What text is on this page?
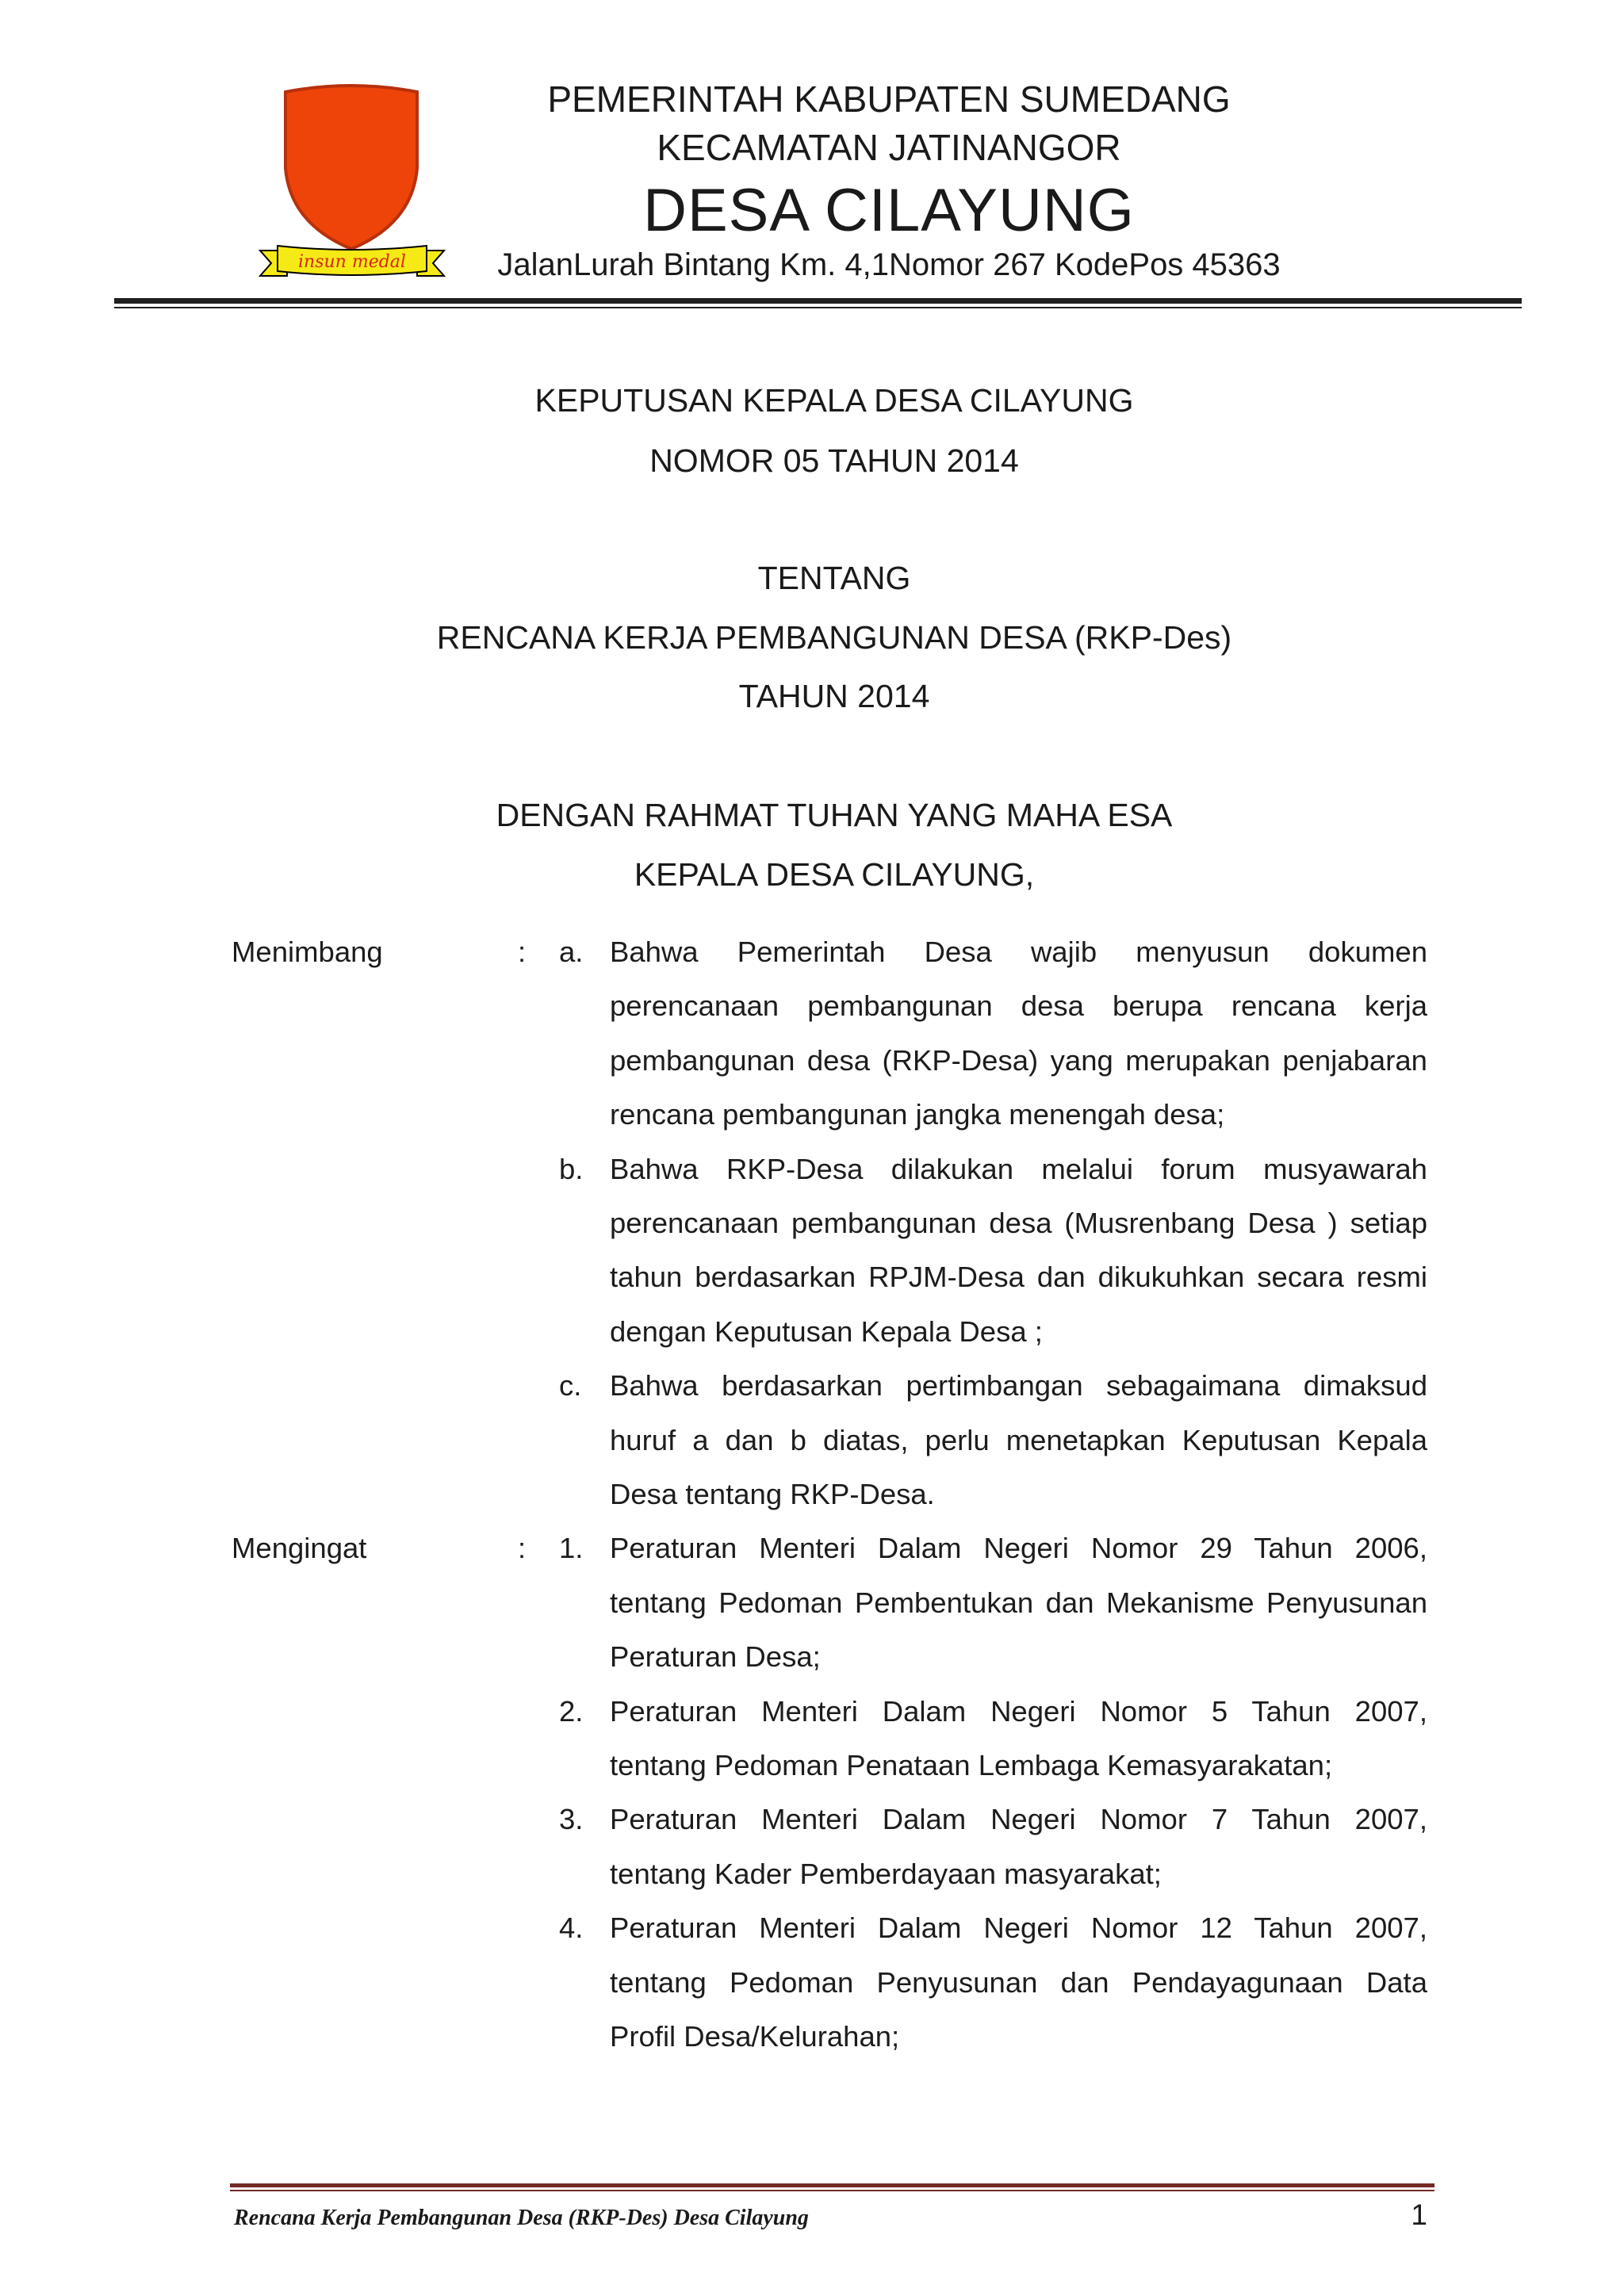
insun medal
PEMERINTAH KABUPATEN SUMEDANG
KECAMATAN JATINANGOR
DESA CILAYUNG
JalanLurah Bintang Km. 4,1Nomor 267 KodePos 45363
KEPUTUSAN KEPALA DESA CILAYUNG
NOMOR 05 TAHUN 2014
TENTANG
RENCANA KERJA PEMBANGUNAN DESA (RKP-Des)
TAHUN 2014
DENGAN RAHMAT TUHAN YANG MAHA ESA
KEPALA DESA CILAYUNG,
Menimbang	: a. Bahwa Pemerintah Desa wajib menyusun dokumen
perencanaan pembangunan desa berupa rencana kerja
pembangunan desa (RKP-Desa) yang merupakan penjabaran
rencana pembangunan jangka menengah desa;
b. Bahwa RKP-Desa dilakukan melalui forum musyawarah
perencanaan pembangunan desa (Musrenbang Desa ) setiap
tahun berdasarkan RPJM-Desa dan dikukuhkan secara resmi
dengan Keputusan Kepala Desa ;
c. Bahwa berdasarkan pertimbangan sebagaimana dimaksud
huruf a dan b diatas, perlu menetapkan Keputusan Kepala
Desa tentang RKP-Desa.
Mengingat	: 1. Peraturan Menteri Dalam Negeri Nomor 29 Tahun 2006,
tentang Pedoman Pembentukan dan Mekanisme Penyusunan
Peraturan Desa;
2. Peraturan Menteri Dalam Negeri Nomor 5 Tahun 2007,
tentang Pedoman Penataan Lembaga Kemasyarakatan;
3. Peraturan Menteri Dalam Negeri Nomor 7 Tahun 2007,
tentang Kader Pemberdayaan masyarakat;
4. Peraturan Menteri Dalam Negeri Nomor 12 Tahun 2007,
tentang Pedoman Penyusunan dan Pendayagunaan Data
Profil Desa/Kelurahan;
Rencana Kerja Pembangunan Desa (RKP-Des) Desa Cilayung	1
